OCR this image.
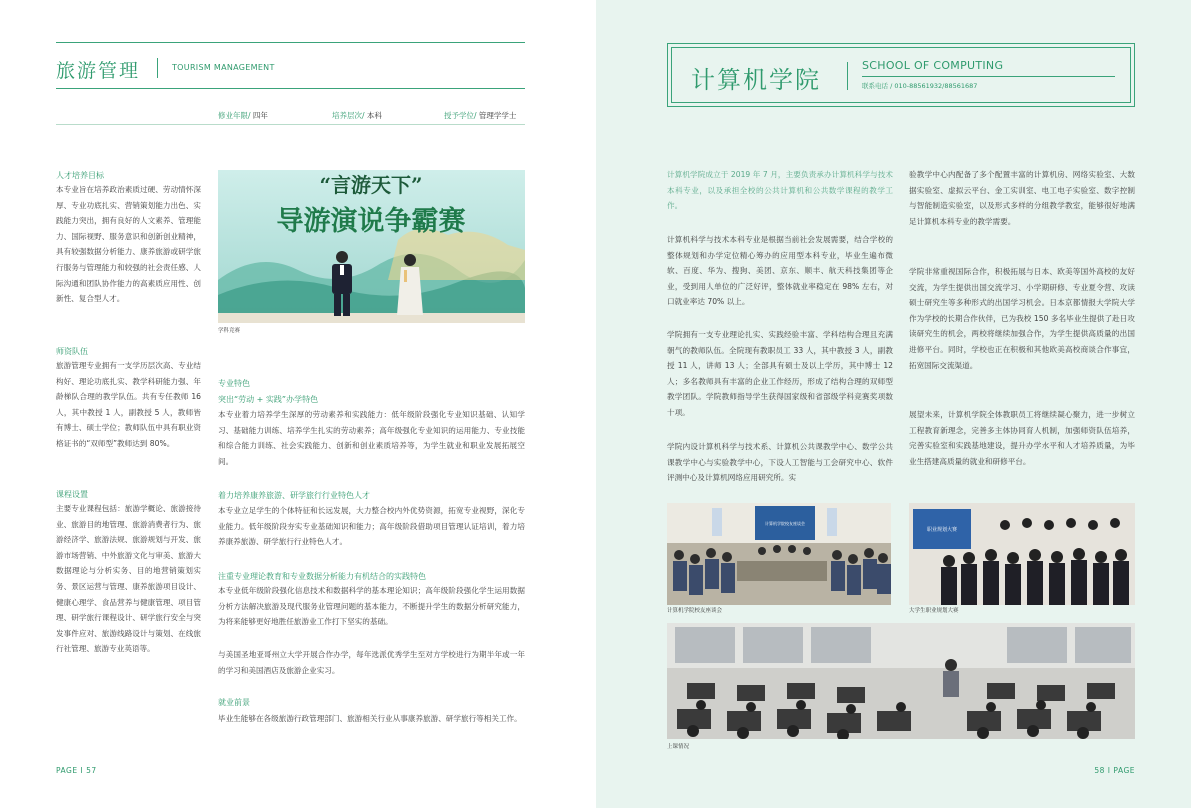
旅游管理	TOURISM MANAGEMENT
修业年限/ 四年	培养层次/ 本科	授予学位/ 管理学学士
人才培养目标
本专业旨在培养政治素质过硬、劳动情怀深厚、专业功底扎实、营销策划能力出色、实践能力突出，拥有良好的人文素养、管理能力、国际视野、服务意识和创新创业精神，具有较强数据分析能力、康养旅游或研学旅行服务与管理能力和较强的社会责任感、人际沟通和团队协作能力的高素质应用性、创新性、复合型人才。
师资队伍
旅游管理专业拥有一支学历层次高、专业结构好、理论功底扎实、教学科研能力强、年龄梯队合理的教学队伍。共有专任教师 16 人，其中教授 1 人，副教授 5 人，教师皆有博士、硕士学位；教师队伍中具有职业资格证书的“双师型”教师达到 80%。
课程设置
主要专业课程包括：旅游学概论、旅游接待业、旅游目的地管理、旅游消费者行为、旅游经济学、旅游法规、旅游规划与开发、旅游市场营销、中外旅游文化与审美、旅游大数据理论与分析实务、目的地营销策划实务、景区运营与管理、康养旅游项目设计、健康心理学、食品营养与健康管理、项目管理、研学旅行课程设计、研学旅行安全与突发事件应对、旅游线路设计与策划、在线旅行社管理、旅游专业英语等。
“言游天下”
导游演说争霸赛
学科竞赛
专业特色
突出“劳动 + 实践”办学特色
本专业着力培养学生深厚的劳动素养和实践能力：低年级阶段强化专业知识基础、认知学习、基础能力训练、培养学生扎实的劳动素养；高年级强化专业知识的运用能力、专业技能和综合能力训练、社会实践能力、创新和创业素质培养等，为学生就业和职业发展拓展空间。
着力培养康养旅游、研学旅行行业特色人才
本专业立足学生的个体特征和长远发展，大力整合校内外优势资源，拓宽专业视野，深化专业能力。低年级阶段夯实专业基础知识和能力；高年级阶段借助项目管理认证培训，着力培养康养旅游、研学旅行行业特色人才。
注重专业理论教育和专业数据分析能力有机结合的实践特色
本专业低年级阶段强化信息技术和数据科学的基本理论知识；高年级阶段强化学生运用数据分析方法解决旅游及现代服务业管理问题的基本能力，不断提升学生的数据分析研究能力，为将来能够更好地胜任旅游业工作打下坚实的基础。
与美国圣地亚哥州立大学开展合作办学，每年选派优秀学生至对方学校进行为期半年或一年的学习和美国酒店及旅游企业实习。
就业前景
毕业生能够在各级旅游行政管理部门、旅游相关行业从事康养旅游、研学旅行等相关工作。
PAGE I 57
计算机学院
SCHOOL OF COMPUTING
联系电话 / 010-88561932/88561687
计算机学院成立于 2019 年 7 月，主要负责承办计算机科学与技术本科专业，以及承担全校的公共计算机和公共数学课程的教学工作。
计算机科学与技术本科专业是根据当前社会发展需要，结合学校的整体规划和办学定位精心筹办的应用型本科专业，毕业生遍布微软、百度、华为、搜狗、美团、京东、顺丰、航天科技集团等企业，受到用人单位的广泛好评，整体就业率稳定在 98% 左右，对口就业率达 70% 以上。
学院拥有一支专业理论扎实、实践经验丰富、学科结构合理且充满朝气的教师队伍。全院现有教职员工 33 人，其中教授 3 人，副教授 11 人，讲师 13 人；全部具有硕士及以上学历，其中博士 12 人；多名教师具有丰富的企业工作经历，形成了结构合理的双师型教学团队。学院教师指导学生获得国家级和省部级学科竞赛奖项数十项。
学院内设计算机科学与技术系、计算机公共课教学中心、数学公共课教学中心与实验教学中心，下设人工智能与工会研究中心、软件评测中心及计算机网络应用研究所。实
验教学中心内配备了多个配置丰富的计算机房、网络实验室、大数据实验室、虚拟云平台、金工实训室、电工电子实验室、数字控制与智能制造实验室，以及形式多样的分组教学教室，能够很好地满足计算机本科专业的教学需要。
学院非常重视国际合作，积极拓展与日本、欧美等国外高校的友好交流，为学生提供出国交流学习、小学期研修、专业夏令营、攻读硕士研究生等多种形式的出国学习机会。日本京都情报大学院大学作为学校的长期合作伙伴，已为我校 150 多名毕业生提供了赴日攻读研究生的机会，两校将继续加强合作，为学生提供高质量的出国进修平台。同时，学校也正在积极和其他欧美高校商谈合作事宜，拓宽国际交流渠道。
展望未来，计算机学院全体教职员工将继续凝心聚力，进一步树立工程教育新理念，完善多主体协同育人机制，加强师资队伍培养，完善实验室和实践基地建设，提升办学水平和人才培养质量，为毕业生搭建高质量的就业和研修平台。
计算机学院校友座谈会
计算机学院校友座谈会
职业规划大赛
大学生职业规划大赛
上课情况
58 I PAGE
